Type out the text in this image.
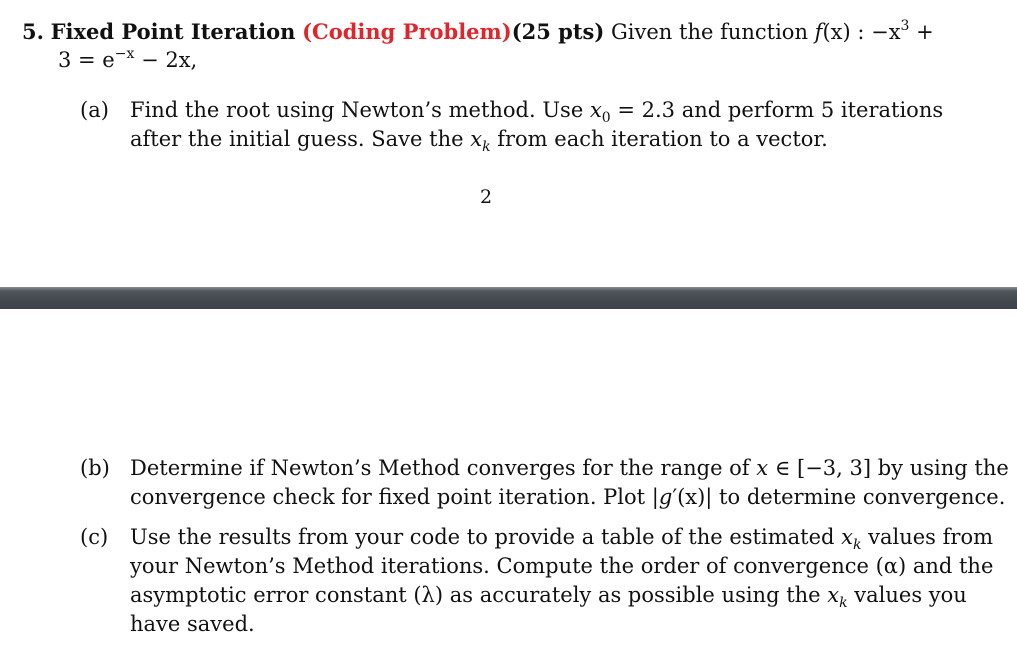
5. Fixed Point Iteration (Coding Problem)(25 pts) Given the function f(x) : $-x^3$ +
$3 = e^{-x} - 2x$,
(a) Find the root using Newton’s method. Use $x_0 = 2.3$ and perform 5 iterations
after the initial guess. Save the $x_k$ from each iteration to a vector.
2
(b) Determine if Newton’s Method converges for the range of x ∈ [−3, 3] by using the
convergence check for fixed point iteration. Plot |g′(x)| to determine convergence.
(c) Use the results from your code to provide a table of the estimated $x_k$ values from
your Newton’s Method iterations. Compute the order of convergence (α) and the
asymptotic error constant (λ) as accurately as possible using the $x_k$ values you
have saved.
